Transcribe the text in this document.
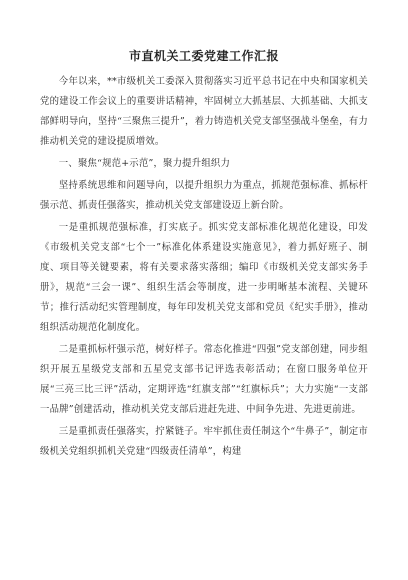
市直机关工委党建工作汇报

今年以来，**市级机关工委深入贯彻落实习近平总书记在中央和国家机关党的建设工作会议上的重要讲话精神，牢固树立大抓基层、大抓基础、大抓支部鲜明导向，坚持“三聚焦三提升”，着力铸造机关党支部坚强战斗堡垒，有力推动机关党的建设提质增效。

一、聚焦“规范+示范”，聚力提升组织力

坚持系统思维和问题导向，以提升组织力为重点，抓规范强标准、抓标杆强示范、抓责任强落实，推动机关党支部建设迈上新台阶。

一是重抓规范强标准，打实底子。抓实党支部标准化规范化建设，印发《市级机关党支部“七个一”标准化体系建设实施意见》，着力抓好班子、制度、项目等关键要素，将有关要求落实落细；编印《市级机关党支部实务手册》，规范“三会一课”、组织生活会等制度，进一步明晰基本流程、关键环节；推行活动纪实管理制度，每年印发机关党支部和党员《纪实手册》，推动组织活动规范化制度化。

二是重抓标杆强示范，树好样子。常态化推进“四强”党支部创建，同步组织开展五星级党支部和五星党支部书记评选表彰活动；在窗口服务单位开展“三亮三比三评”活动，定期评选“红旗支部”“红旗标兵”；大力实施“一支部一品牌”创建活动，推动机关党支部后进赶先进、中间争先进、先进更前进。

三是重抓责任强落实，拧紧链子。牢牢抓住责任制这个“牛鼻子”，制定市级机关党组织抓机关党建“四级责任清单”，构建
